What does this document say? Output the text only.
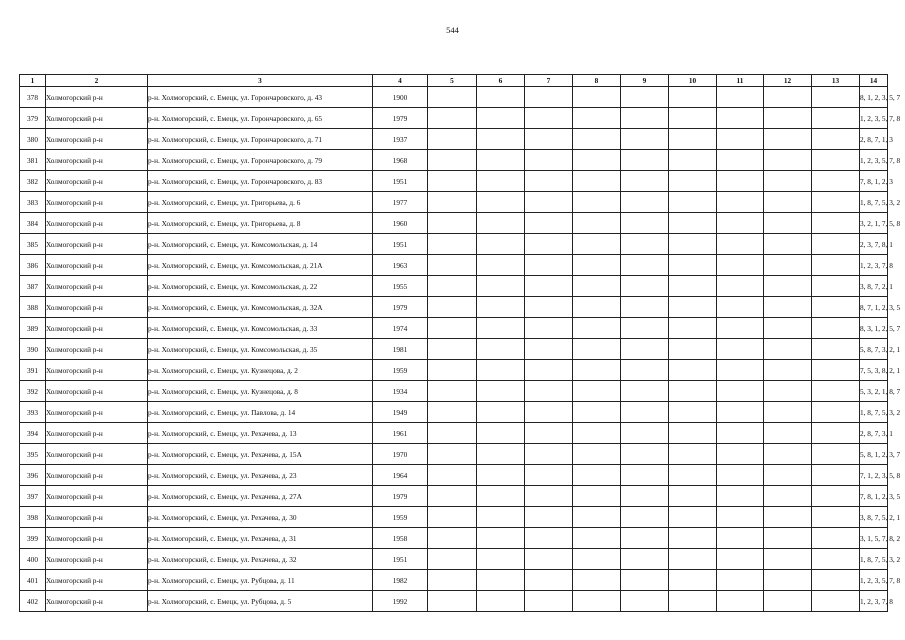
544
1	2	3	4	5	6	7	8	9	10	11	12	13	14
378	Холмогорский р-н	р-н. Холмогорский, с. Емецк, ул. Горончаровского, д. 43	1900										8, 1, 2, 3, 5, 7
379	Холмогорский р-н	р-н. Холмогорский, с. Емецк, ул. Горончаровского, д. 65	1979										1, 2, 3, 5, 7, 8
380	Холмогорский р-н	р-н. Холмогорский, с. Емецк, ул. Горончаровского, д. 71	1937										2, 8, 7, 1, 3
381	Холмогорский р-н	р-н. Холмогорский, с. Емецк, ул. Горончаровского, д. 79	1968										1, 2, 3, 5, 7, 8
382	Холмогорский р-н	р-н. Холмогорский, с. Емецк, ул. Горончаровского, д. 83	1951										7, 8, 1, 2, 3
383	Холмогорский р-н	р-н. Холмогорский, с. Емецк, ул. Григорьева, д. 6	1977										1, 8, 7, 5, 3, 2
384	Холмогорский р-н	р-н. Холмогорский, с. Емецк, ул. Григорьева, д. 8	1960										3, 2, 1, 7, 5, 8
385	Холмогорский р-н	р-н. Холмогорский, с. Емецк, ул. Комсомольская, д. 14	1951										2, 3, 7, 8, 1
386	Холмогорский р-н	р-н. Холмогорский, с. Емецк, ул. Комсомольская, д. 21А	1963										1, 2, 3, 7, 8
387	Холмогорский р-н	р-н. Холмогорский, с. Емецк, ул. Комсомольская, д. 22	1955										3, 8, 7, 2, 1
388	Холмогорский р-н	р-н. Холмогорский, с. Емецк, ул. Комсомольская, д. 32А	1979										8, 7, 1, 2, 3, 5
389	Холмогорский р-н	р-н. Холмогорский, с. Емецк, ул. Комсомольская, д. 33	1974										8, 3, 1, 2, 5, 7
390	Холмогорский р-н	р-н. Холмогорский, с. Емецк, ул. Комсомольская, д. 35	1981										5, 8, 7, 3, 2, 1
391	Холмогорский р-н	р-н. Холмогорский, с. Емецк, ул. Кузнецова, д. 2	1959										7, 5, 3, 8, 2, 1
392	Холмогорский р-н	р-н. Холмогорский, с. Емецк, ул. Кузнецова, д. 8	1934										5, 3, 2, 1, 8, 7
393	Холмогорский р-н	р-н. Холмогорский, с. Емецк, ул. Павлова, д. 14	1949										1, 8, 7, 5, 3, 2
394	Холмогорский р-н	р-н. Холмогорский, с. Емецк, ул. Рехачева, д. 13	1961										2, 8, 7, 3, 1
395	Холмогорский р-н	р-н. Холмогорский, с. Емецк, ул. Рехачева, д. 15А	1970										5, 8, 1, 2, 3, 7
396	Холмогорский р-н	р-н. Холмогорский, с. Емецк, ул. Рехачева, д. 23	1964										7, 1, 2, 3, 5, 8
397	Холмогорский р-н	р-н. Холмогорский, с. Емецк, ул. Рехачева, д. 27А	1979										7, 8, 1, 2, 3, 5
398	Холмогорский р-н	р-н. Холмогорский, с. Емецк, ул. Рехачева, д. 30	1959										3, 8, 7, 5, 2, 1
399	Холмогорский р-н	р-н. Холмогорский, с. Емецк, ул. Рехачева, д. 31	1958										3, 1, 5, 7, 8, 2
400	Холмогорский р-н	р-н. Холмогорский, с. Емецк, ул. Рехачева, д. 32	1951										1, 8, 7, 5, 3, 2
401	Холмогорский р-н	р-н. Холмогорский, с. Емецк, ул. Рубцова, д. 11	1982										1, 2, 3, 5, 7, 8
402	Холмогорский р-н	р-н. Холмогорский, с. Емецк, ул. Рубцова, д. 5	1992										1, 2, 3, 7, 8
